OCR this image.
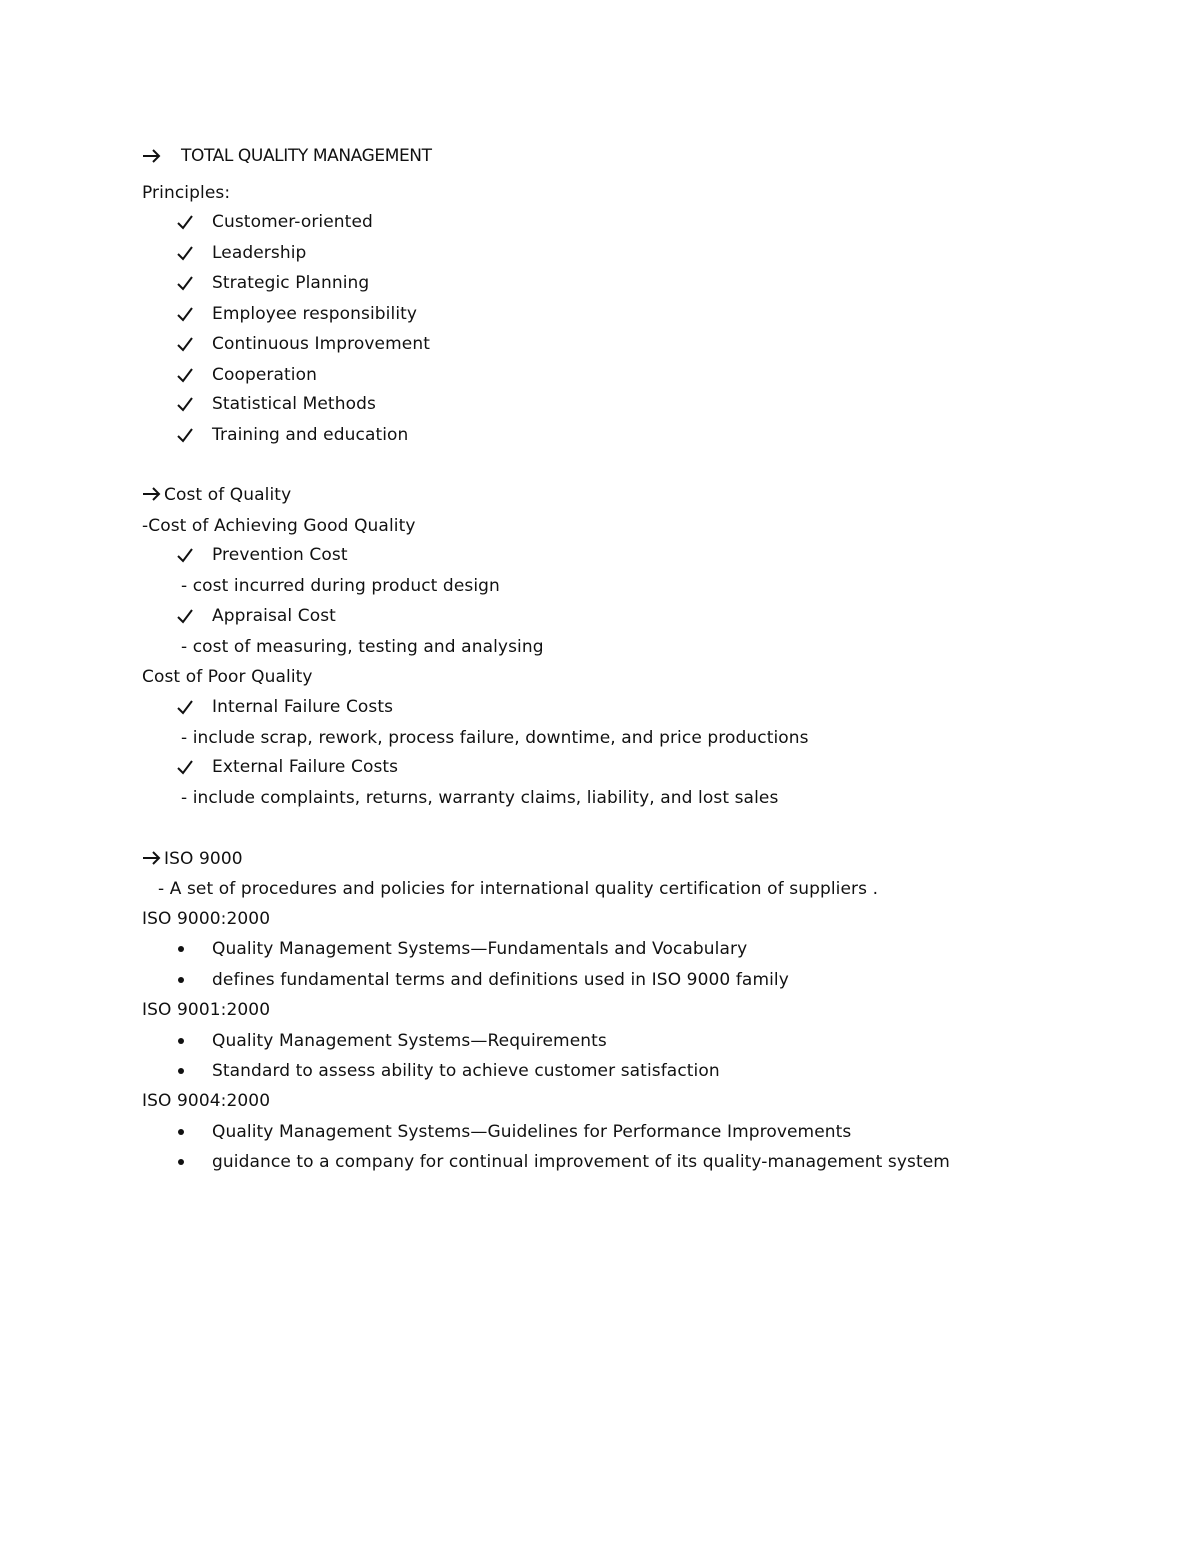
TOTAL QUALITY MANAGEMENT
Principles:
Customer-oriented
Leadership
Strategic Planning
Employee responsibility
Continuous Improvement
Cooperation
Statistical Methods
Training and education
Cost of Quality
-Cost of Achieving Good Quality
Prevention Cost
- cost incurred during product design
Appraisal Cost
- cost of measuring, testing and analysing
Cost of Poor Quality
Internal Failure Costs
- include scrap, rework, process failure, downtime, and price productions
External Failure Costs
- include complaints, returns, warranty claims, liability, and lost sales
ISO 9000
- A set of procedures and policies for international quality certification of suppliers .
ISO 9000:2000
Quality Management Systems—Fundamentals and Vocabulary
defines fundamental terms and definitions used in ISO 9000 family
ISO 9001:2000
Quality Management Systems—Requirements
Standard to assess ability to achieve customer satisfaction
ISO 9004:2000
Quality Management Systems—Guidelines for Performance Improvements
guidance to a company for continual improvement of its quality-management system
